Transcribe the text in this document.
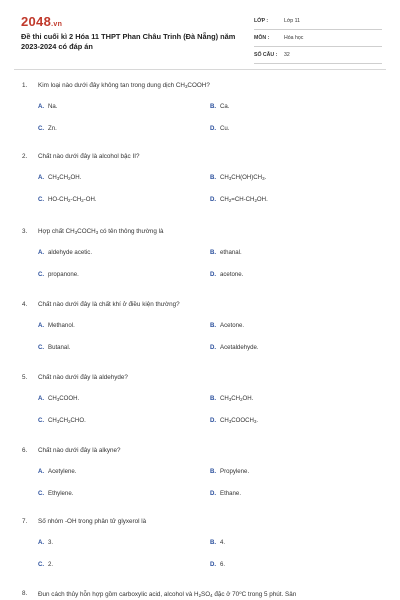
2048.vn
Đề thi cuối kì 2 Hóa 11 THPT Phan Châu Trinh (Đà Nẵng) năm 2023-2024 có đáp án
LỚP :	Lớp 11
MÔN :	Hóa học
SỐ CÂU : 32
1. Kim loại nào dưới đây không tan trong dung dịch $CH_3COOH$?
A. Na.	B. Ca.
C. Zn.	D. Cu.
2. Chất nào dưới đây là alcohol bậc II?
A. $CH_3CH_2OH$.	B. $CH_3CH(OH)CH_3$.
C. $HO-CH_2-CH_2-OH$.	D. $CH_2=CH-CH_2OH$.
3. Hợp chất $CH_3COCH_3$ có tên thông thường là
A. aldehyde acetic.	B. ethanal.
C. propanone.	D. acetone.
4. Chất nào dưới đây là chất khí ở điều kiện thường?
A. Methanol.	B. Acetone.
C. Butanal.	D. Acetaldehyde.
5. Chất nào dưới đây là aldehyde?
A. $CH_3COOH$.	B. $CH_3CH_2OH$.
C. $CH_3CH_2CHO$.	D. $CH_3COOCH_3$.
6. Chất nào dưới đây là alkyne?
A. Acetylene.	B. Propylene.
C. Ethylene.	D. Ethane.
7. Số nhóm -OH trong phân tử glyxerol là
A. 3.	B. 4.
C. 2.	D. 6.
8. Đun cách thủy hỗn hợp gồm carboxylic acid, alcohol và $H_2SO_4$ đặc ở 70$^o$C trong 5 phút. Sản
